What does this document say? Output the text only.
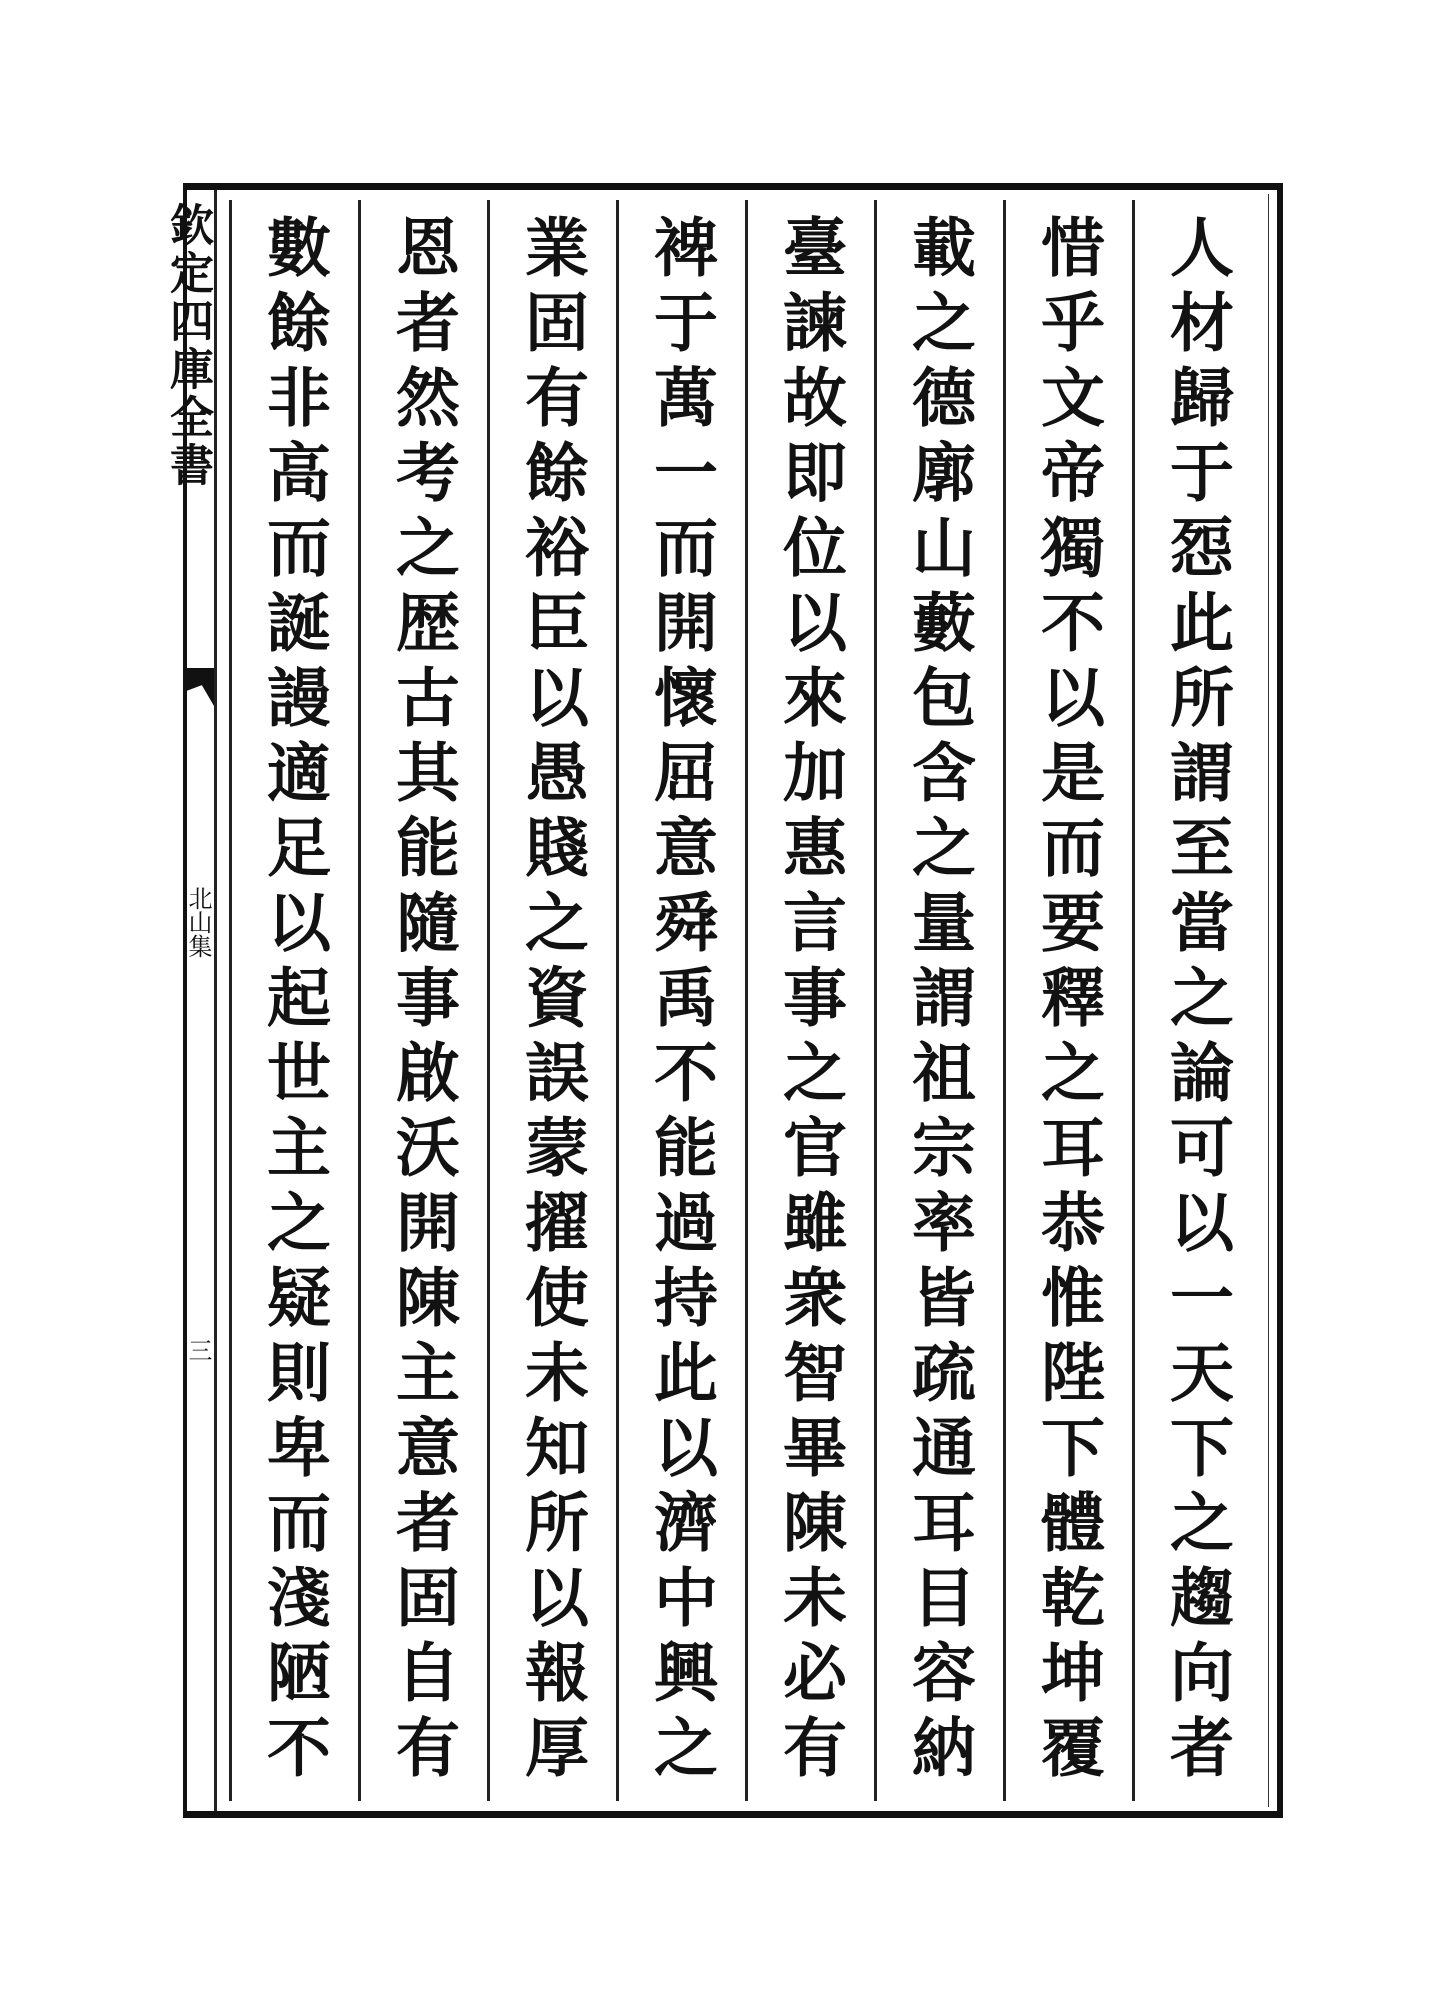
欽定四庫全書
北山集
三	人材歸于㤪此所謂至當之論可以一天下之趨向者
惜乎文帝獨不以是而要釋之耳恭惟陛下體乾坤覆
載之德廓山藪包含之量謂祖宗率皆疏通耳目容納
臺諫故即位以來加惠言事之官雖衆智畢陳未必有
裨于萬一而開懷屈意舜禹不能過持此以濟中興之
業固有餘裕臣以愚賤之資誤蒙擢使未知所以報厚
恩者然考之歴古其能隨事啟沃開陳主意者固自有
數餘非高而誕謾適足以起世主之疑則卑而淺陋不
